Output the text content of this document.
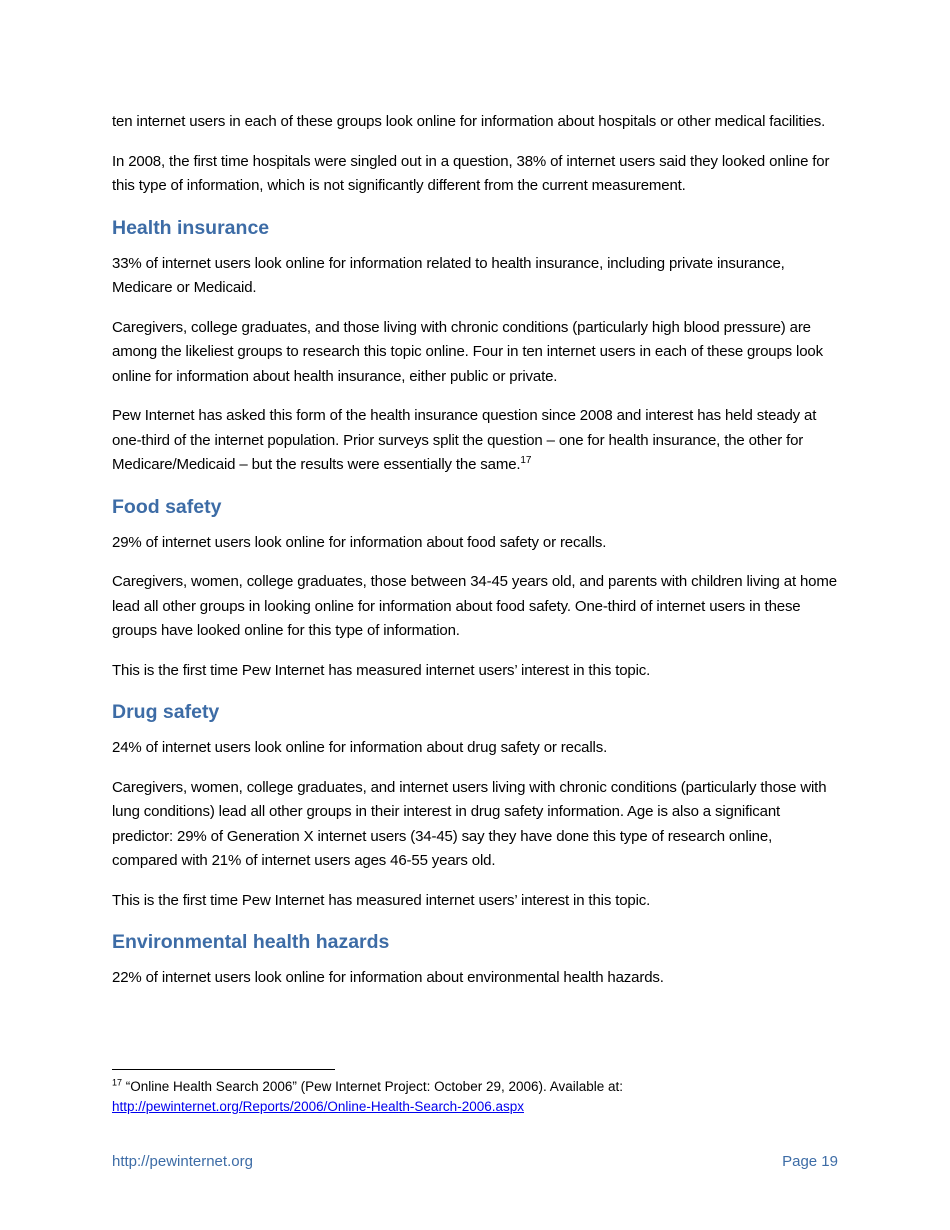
ten internet users in each of these groups look online for information about hospitals or other medical facilities.

In 2008, the first time hospitals were singled out in a question, 38% of internet users said they looked online for this type of information, which is not significantly different from the current measurement.

Health insurance

33% of internet users look online for information related to health insurance, including private insurance, Medicare or Medicaid.

Caregivers, college graduates, and those living with chronic conditions (particularly high blood pressure) are among the likeliest groups to research this topic online. Four in ten internet users in each of these groups look online for information about health insurance, either public or private.

Pew Internet has asked this form of the health insurance question since 2008 and interest has held steady at one-third of the internet population. Prior surveys split the question – one for health insurance, the other for Medicare/Medicaid – but the results were essentially the same.$^{17}$

Food safety

29% of internet users look online for information about food safety or recalls.

Caregivers, women, college graduates, those between 34-45 years old, and parents with children living at home lead all other groups in looking online for information about food safety. One-third of internet users in these groups have looked online for this type of information.

This is the first time Pew Internet has measured internet users’ interest in this topic.

Drug safety

24% of internet users look online for information about drug safety or recalls.

Caregivers, women, college graduates, and internet users living with chronic conditions (particularly those with lung conditions) lead all other groups in their interest in drug safety information. Age is also a significant predictor: 29% of Generation X internet users (34-45) say they have done this type of research online, compared with 21% of internet users ages 46-55 years old.

This is the first time Pew Internet has measured internet users’ interest in this topic.

Environmental health hazards

22% of internet users look online for information about environmental health hazards.

$^{17}$ “Online Health Search 2006” (Pew Internet Project: October 29, 2006). Available at:
http://pewinternet.org/Reports/2006/Online-Health-Search-2006.aspx
http://pewinternet.org	Page 19
